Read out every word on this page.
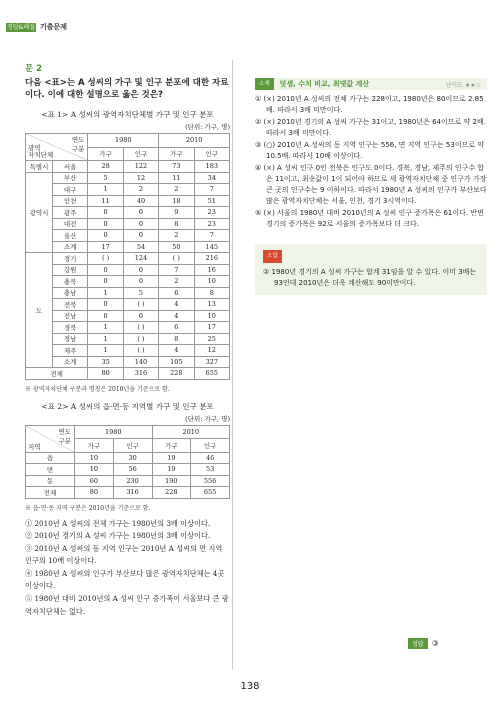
정답&해설 기출문제
문 2
다음 <표>는 A 성씨의 가구 및 인구 분포에 대한 자료이다. 이에 대한 설명으로 옳은 것은?
<표 1> A 성씨의 광역자치단체별 가구 및 인구 분포
(단위: 가구, 명)
연도
구분
광역
자치단체		1980		2010	
		가구	인구	가구	인구
특별시	서울	28	122	73	183
광역시	부산	5	12	11	34
	대구	1	2	2	7
	인천	11	40	18	51
	광주	0	0	9	23
	대전	0	0	8	23
	울산	0	0	2	7
	소계	17	54	50	145
도	경기	( )	124	( )	216
	강원	0	0	7	16
	충북	0	0	2	10
	충남	1	5	6	8
	전북	0	( )	4	13
	전남	0	0	4	10
	경북	1	( )	6	17
	경남	1	( )	8	25
	제주	1	( )	4	12
	소계	35	140	105	327
전체		80	316	228	655
※ 광역자치단체 구분과 명칭은 2010년을 기준으로 함.
<표 2> A 성씨의 읍·면·동 지역별 가구 및 인구 분포
(단위: 가구, 명)
연도
구분
지역	1980		2010	
	가구	인구	가구	인구
읍	10	30	19	46
면	10	56	19	53
동	60	230	190	556
전체	80	316	228	655
※ 읍·면·동 지역 구분은 2010년을 기준으로 함.
① 2010년 A 성씨의 전체 가구는 1980년의 3배 이상이다.
② 2010년 경기의 A 성씨 가구는 1980년의 3배 이상이다.
③ 2010년 A 성씨의 동 지역 인구는 2010년 A 성씨의 면 지역 인구의 10배 이상이다.
④ 1980년 A 성씨의 인구가 부산보다 많은 광역자치단체는 4곳 이상이다.
⑤ 1980년 대비 2010년의 A 성씨 인구 증가폭이 서울보다 큰 광역자치단체는 없다.
소재	덧셈, 수치 비교, 최댓값 계산	난이도 ★★☆

① (×) 2010년 A 성씨의 전체 가구는 228이고, 1980년은 80이므로 2.85배. 따라서 3배 미만이다.

② (×) 2010년 경기의 A 성씨 가구는 31이고, 1980년은 64이므로 약 2배. 따라서 3배 미만이다.

③ (○) 2010년 A 성씨의 동 지역 인구는 556, 면 지역 인구는 53이므로 약 10.5배. 따라서 10배 이상이다.

④ (×) A 성씨 인구 0인 전북은 인구도 0이다. 경북, 경남, 제주의 인구수 합은 11이고, 최솟값이 1이 되어야 하므로 세 광역자치단체 중 인구가 가장 큰 곳의 인구수는 9 이하이다. 따라서 1980년 A 성씨의 인구가 부산보다 많은 광역자치단체는 서울, 인천, 경기 3시역이다.

⑤ (×) 서울의 1980년 대비 2010년의 A 성씨 인구 증가폭은 61이다. 반면 경기의 증가폭은 92로 서울의 증가폭보다 더 크다.

오답

② 1980년 경기의 A 성씨 가구는 합계 31임을 알 수 있다. 이미 3배는 93인데 2010년은 더욱 계산해도 90미만이다.

정답	③
138
